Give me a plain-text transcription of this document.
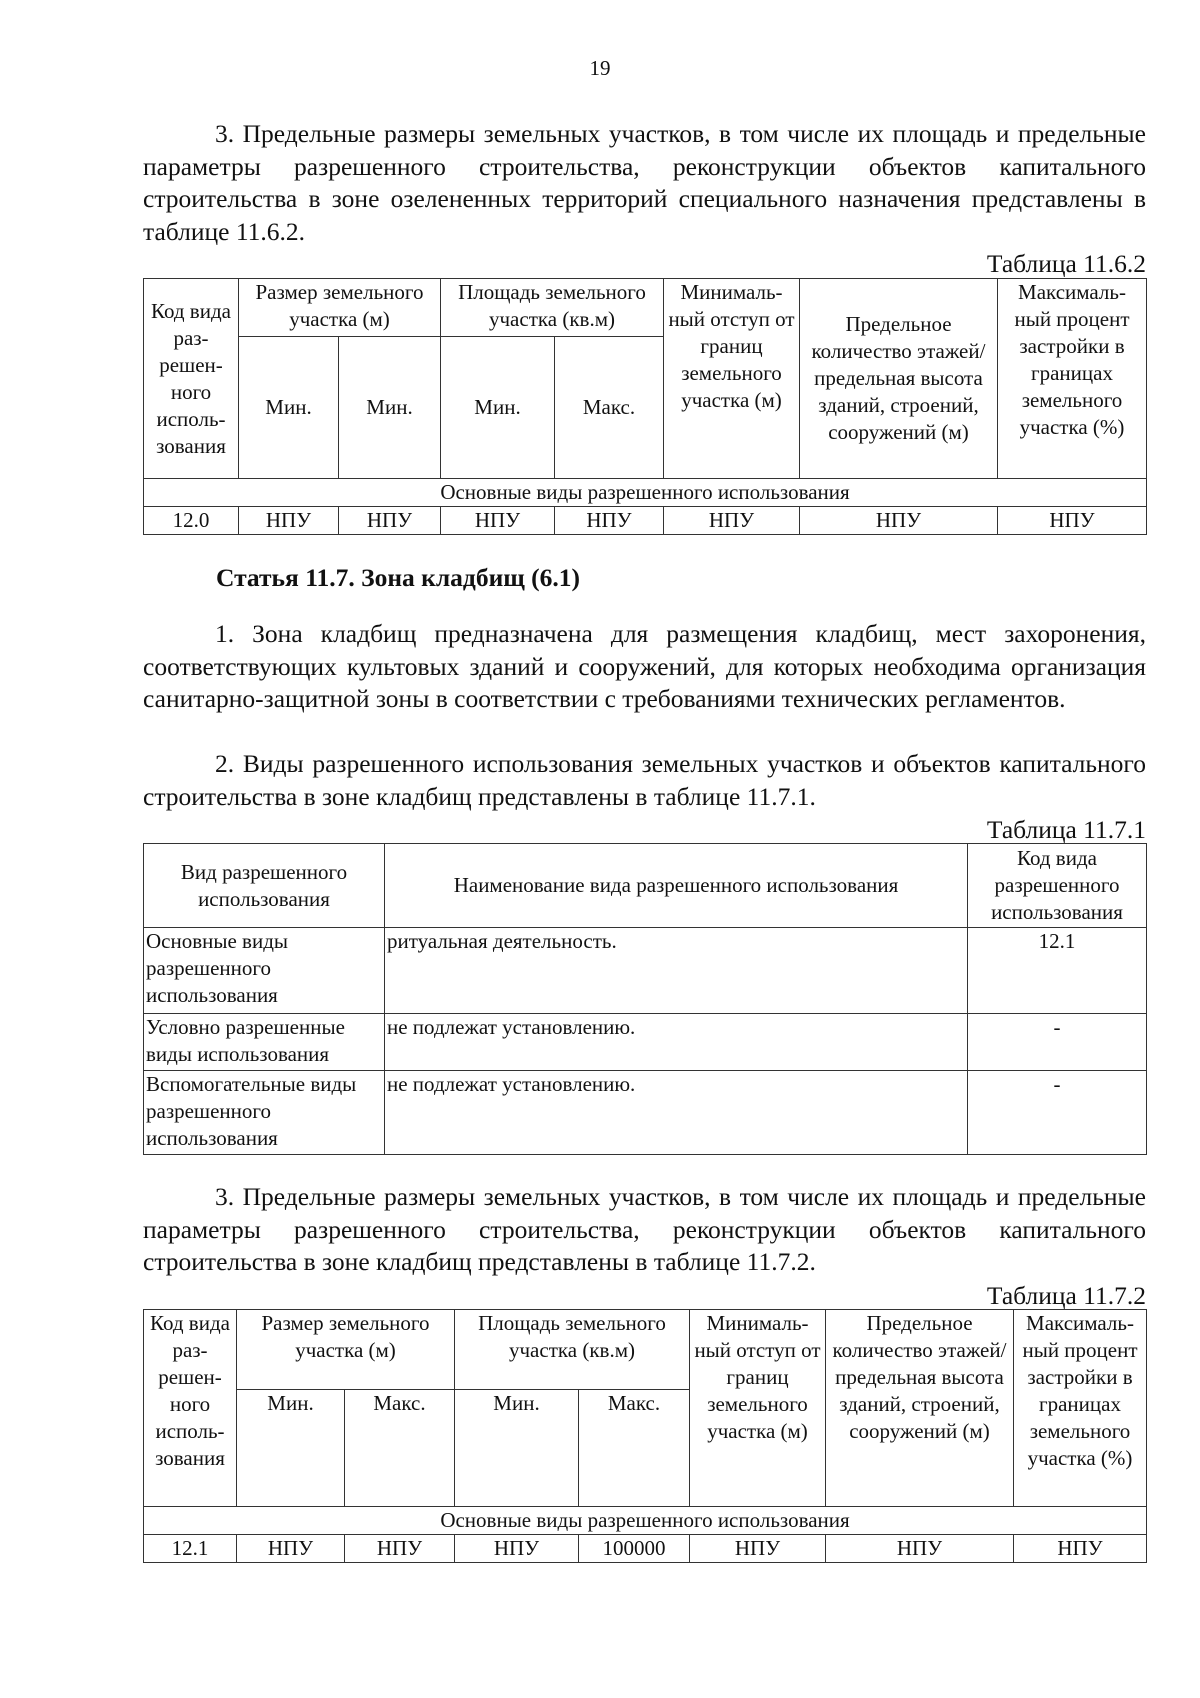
19

3. Предельные размеры земельных участков, в том числе их площадь и предельные параметры разрешенного строительства, реконструкции объектов капитального строительства в зоне озелененных территорий специального назначения представлены в таблице 11.6.2.

Таблица 11.6.2
Код вида раз-решен-ного исполь-зования	Размер земельного участка (м)		Площадь земельного участка (кв.м)		Минималь-ный отступ от границ земельного участка (м)	Предельное количество этажей/ предельная высота зданий, строений, сооружений (м)	Максималь-ный процент застройки в границах земельного участка (%)
	Мин.	Мин.	Мин.	Макс.			
Основные виды разрешенного использования							
12.0	НПУ	НПУ	НПУ	НПУ	НПУ	НПУ	НПУ
Статья 11.7. Зона кладбищ (6.1)

1. Зона кладбищ предназначена для размещения кладбищ, мест захоронения, соответствующих культовых зданий и сооружений, для которых необходима организация санитарно-защитной зоны в соответствии с требованиями технических регламентов.

2. Виды разрешенного использования земельных участков и объектов капитального строительства в зоне кладбищ представлены в таблице 11.7.1.

Таблица 11.7.1
Вид разрешенного использования	Наименование вида разрешенного использования	Код вида разрешенного использования
Основные виды разрешенного использования	ритуальная деятельность.	12.1
Условно разрешенные виды использования	не подлежат установлению.	-
Вспомогательные виды разрешенного использования	не подлежат установлению.	-

3. Предельные размеры земельных участков, в том числе их площадь и предельные параметры разрешенного строительства, реконструкции объектов капитального строительства в зоне кладбищ представлены в таблице 11.7.2.

Таблица 11.7.2
Код вида раз-решен-ного исполь-зования	Размер земельного участка (м)		Площадь земельного участка (кв.м)		Минималь-ный отступ от границ земельного участка (м)	Предельное количество этажей/ предельная высота зданий, строений, сооружений (м)	Максималь-ный процент застройки в границах земельного участка (%)
	Мин.	Макс.	Мин.	Макс.			
Основные виды разрешенного использования							
12.1	НПУ	НПУ	НПУ	100000	НПУ	НПУ	НПУ
